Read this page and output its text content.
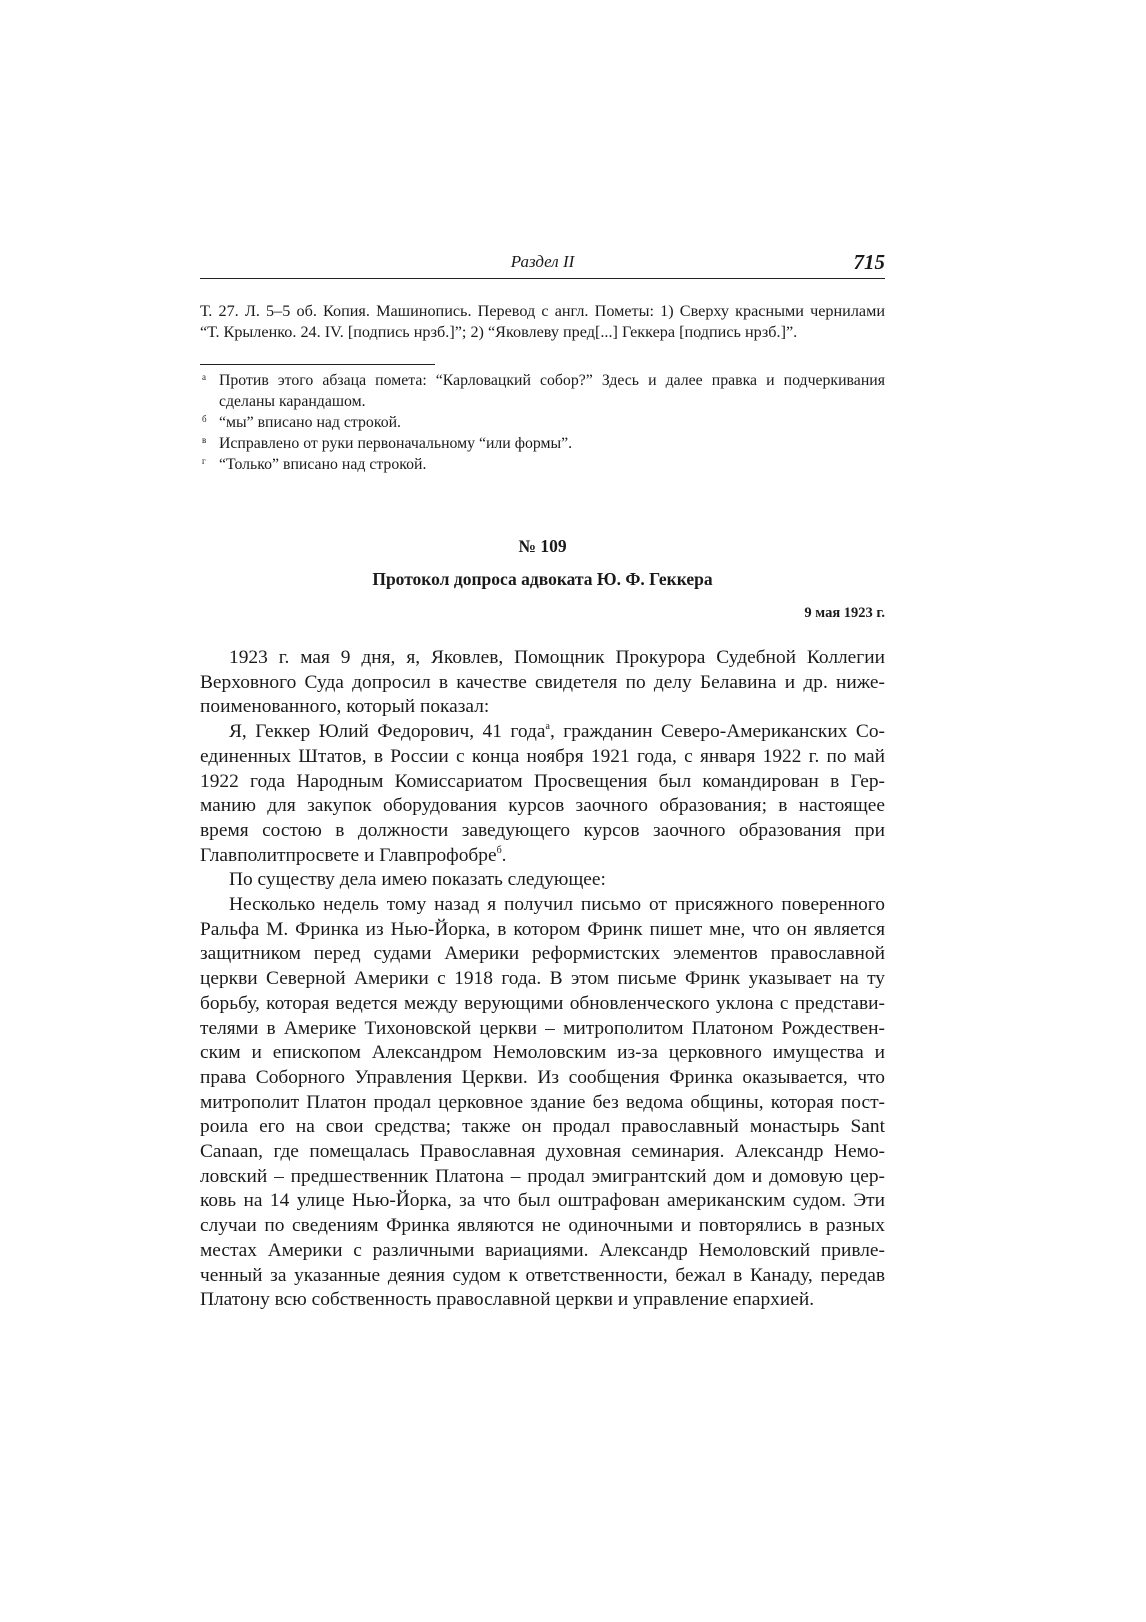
Раздел II	715
Т. 27. Л. 5–5 об. Копия. Машинопись. Перевод с англ. Пометы: 1) Сверху красными чернилами
“Т. Крыленко. 24. IV. [подпись нрзб.]”; 2) “Яковлеву пред[...] Геккера [подпись нрзб.]”.
а Против этого абзаца помета: “Карловацкий собор?” Здесь и далее правка и подчеркивания
сделаны карандашом.
б “мы” вписано над строкой.
в Исправлено от руки первоначальному “или формы”.
г “Только” вписано над строкой.
№ 109
Протокол допроса адвоката Ю. Ф. Геккера
9 мая 1923 г.
1923 г. мая 9 дня, я, Яковлев, Помощник Прокурора Судебной Коллегии
Верховного Суда допросил в качестве свидетеля по делу Белавина и др. ниже-
поименованного, который показал:
Я, Геккер Юлий Федорович, 41 года$^а$, гражданин Северо-Американских Со-
единенных Штатов, в России с конца ноября 1921 года, с января 1922 г. по май
1922 года Народным Комиссариатом Просвещения был командирован в Гер-
манию для закупок оборудования курсов заочного образования; в настоящее
время состою в должности заведующего курсов заочного образования при
Главполитпросвете и Главпрофобре$^б$.
По существу дела имею показать следующее:
Несколько недель тому назад я получил письмо от присяжного поверенного
Ральфа М. Фринка из Нью-Йорка, в котором Фринк пишет мне, что он является
защитником перед судами Америки реформистских элементов православной
церкви Северной Америки с 1918 года. В этом письме Фринк указывает на ту
борьбу, которая ведется между верующими обновленческого уклона с представи-
телями в Америке Тихоновской церкви – митрополитом Платоном Рождествен-
ским и епископом Александром Немоловским из-за церковного имущества и
права Соборного Управления Церкви. Из сообщения Фринка оказывается, что
митрополит Платон продал церковное здание без ведома общины, которая пост-
роила его на свои средства; также он продал православный монастырь Sant
Canaan, где помещалась Православная духовная семинария. Александр Немо-
ловский – предшественник Платона – продал эмигрантский дом и домовую цер-
ковь на 14 улице Нью-Йорка, за что был оштрафован американским судом. Эти
случаи по сведениям Фринка являются не одиночными и повторялись в разных
местах Америки с различными вариациями. Александр Немоловский привле-
ченный за указанные деяния судом к ответственности, бежал в Канаду, передав
Платону всю собственность православной церкви и управление епархией.
